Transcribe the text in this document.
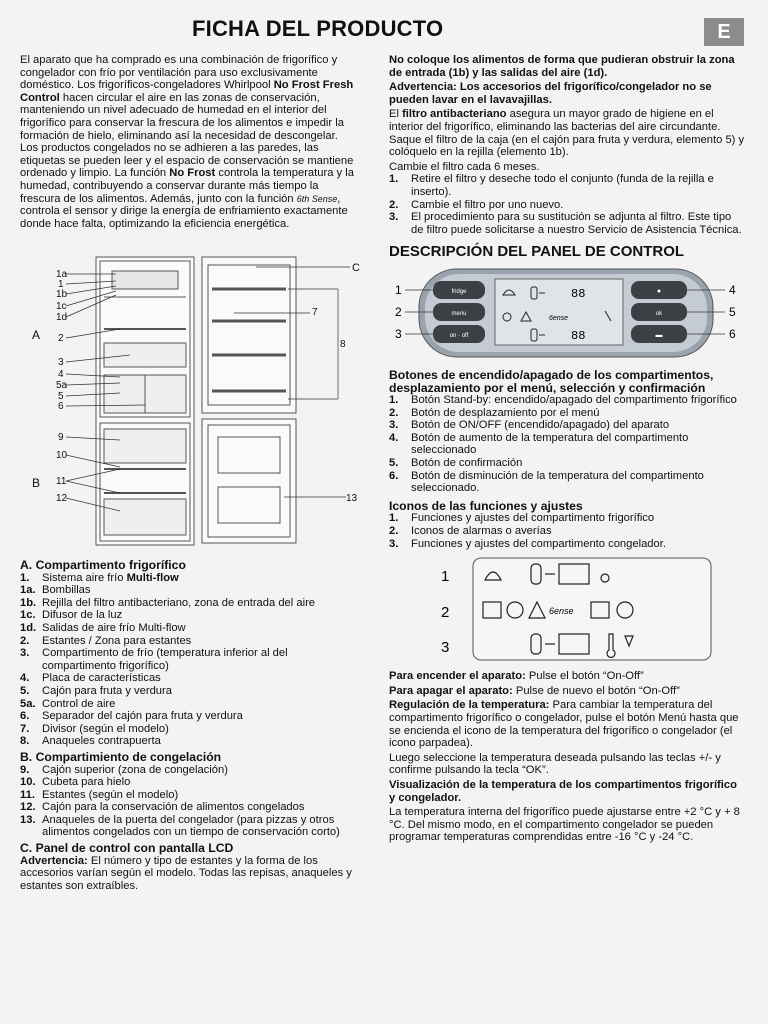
FICHA DEL PRODUCTO	E

El aparato que ha comprado es una combinación de frigorífico y congelador con frío por ventilación para uso exclusivamente doméstico. Los frigoríficos-congeladores Whirlpool No Frost Fresh Control hacen circular el aire en las zonas de conservación, manteniendo un nivel adecuado de humedad en el interior del frigorífico para conservar la frescura de los alimentos e impedir la formación de hielo, eliminando así la necesidad de descongelar. Los productos congelados no se adhieren a las paredes, las etiquetas se pueden leer y el espacio de conservación se mantiene ordenado y limpio. La función No Frost controla la temperatura y la humedad, contribuyendo a conservar durante más tiempo la frescura de los alimentos. Además, junto con la función 6th Sense, controla el sensor y dirige la energía de enfriamiento exactamente donde hace falta, optimizando la eficiencia energética.

1a
1
1b
1c
1d
2
3
4
5a
5
6
9
10
11
12
A
B
C
7
8
13
A. Compartimento frigorífico
1. Sistema aire frío Multi-flow
1a. Bombillas
1b. Rejilla del filtro antibacteriano, zona de entrada del aire
1c. Difusor de la luz
1d. Salidas de aire frío Multi-flow
2. Estantes / Zona para estantes
3. Compartimento de frío (temperatura inferior al del compartimento frigorífico)
4. Placa de características
5. Cajón para fruta y verdura
5a. Control de aire
6. Separador del cajón para fruta y verdura
7. Divisor (según el modelo)
8. Anaqueles contrapuerta
B. Compartimiento de congelación
9. Cajón superior (zona de congelación)
10. Cubeta para hielo
11. Estantes (según el modelo)
12. Cajón para la conservación de alimentos congelados
13. Anaqueles de la puerta del congelador (para pizzas y otros alimentos congelados con un tiempo de conservación corto)
C. Panel de control con pantalla LCD

Advertencia: El número y tipo de estantes y la forma de los accesorios varían según el modelo. Todas las repisas, anaqueles y estantes son extraíbles.

No coloque los alimentos de forma que pudieran obstruir la zona de entrada (1b) y las salidas del aire (1d).

Advertencia: Los accesorios del frigorífico/congelador no se pueden lavar en el lavavajillas.

El filtro antibacteriano asegura un mayor grado de higiene en el interior del frigorífico, eliminando las bacterias del aire circundante. Saque el filtro de la caja (en el cajón para fruta y verdura, elemento 5) y colóquelo en la rejilla (elemento 1b).

Cambie el filtro cada 6 meses.

1. Retire el filtro y deseche todo el conjunto (funda de la rejilla e inserto).
2. Cambie el filtro por uno nuevo.
3. El procedimiento para su sustitución se adjunta al filtro. Este tipo de filtro puede solicitarse a nuestro Servicio de Asistencia Técnica.
DESCRIPCIÓN DEL PANEL DE CONTROL
fridge
menu
on · off
●
ok
▬
88
6ense
88
1
2
3
4
5
6
Botones de encendido/apagado de los compartimentos, desplazamiento por el menú, selección y confirmación
1. Botón Stand-by: encendido/apagado del compartimento frigorífico
2. Botón de desplazamiento por el menú
3. Botón de ON/OFF (encendido/apagado) del aparato
4. Botón de aumento de la temperatura del compartimento seleccionado
5. Botón de confirmación
6. Botón de disminución de la temperatura del compartimento seleccionado.
Iconos de las funciones y ajustes
1. Funciones y ajustes del compartimento frigorífico
2. Iconos de alarmas o averías
3. Funciones y ajustes del compartimento congelador.
1
2
3
6ense

Para encender el aparato: Pulse el botón “On-Off”

Para apagar el aparato: Pulse de nuevo el botón “On-Off”

Regulación de la temperatura: Para cambiar la temperatura del compartimento frigorífico o congelador, pulse el botón Menú hasta que se encienda el icono de la temperatura del frigorífico o congelador (el icono parpadea).

Luego seleccione la temperatura deseada pulsando las teclas +/- y confirme pulsando la tecla “OK”.

Visualización de la temperatura de los compartimentos frigorífico y congelador.

La temperatura interna del frigorífico puede ajustarse entre +2 °C y + 8 °C. Del mismo modo, en el compartimento congelador se pueden programar temperaturas comprendidas entre -16 °C y -24 °C.
